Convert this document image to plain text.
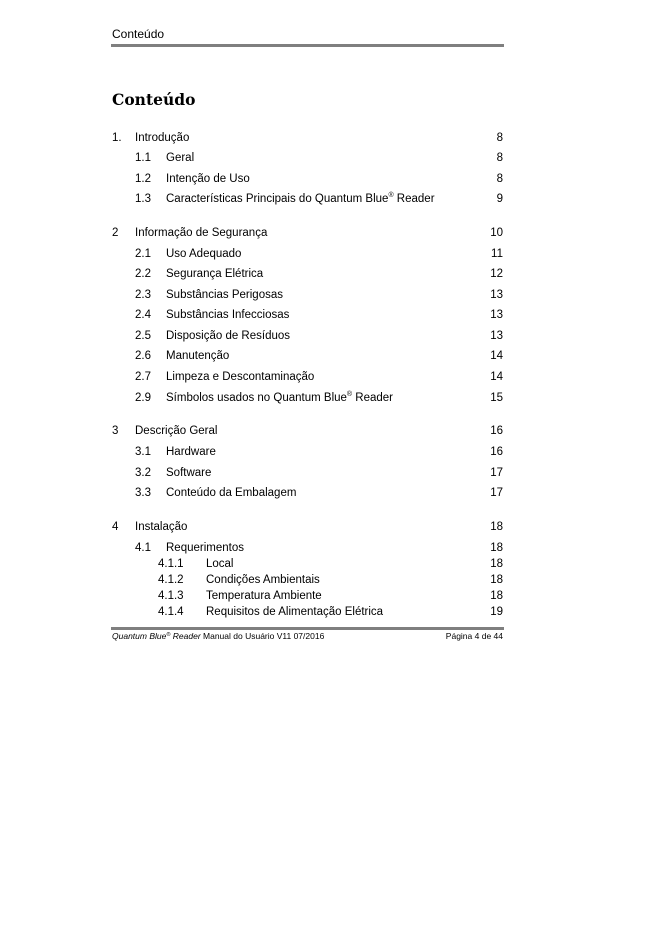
Conteúdo
Conteúdo
1. Introdução	8
1.1 Geral	8
1.2 Intenção de Uso	8
1.3 Características Principais do Quantum Blue® Reader	9
2 Informação de Segurança	10
2.1 Uso Adequado	11
2.2 Segurança Elétrica	12
2.3 Substâncias Perigosas	13
2.4 Substâncias Infecciosas	13
2.5 Disposição de Resíduos	13
2.6 Manutenção	14
2.7 Limpeza e Descontaminação	14
2.9 Símbolos usados no Quantum Blue® Reader	15
3 Descrição Geral	16
3.1 Hardware	16
3.2 Software	17
3.3 Conteúdo da Embalagem	17
4 Instalação	18
4.1 Requerimentos	18
4.1.1 Local	18
4.1.2 Condições Ambientais	18
4.1.3 Temperatura Ambiente	18
4.1.4 Requisitos de Alimentação Elétrica	19
Quantum Blue® Reader Manual do Usuário V11 07/2016	Página 4 de 44
